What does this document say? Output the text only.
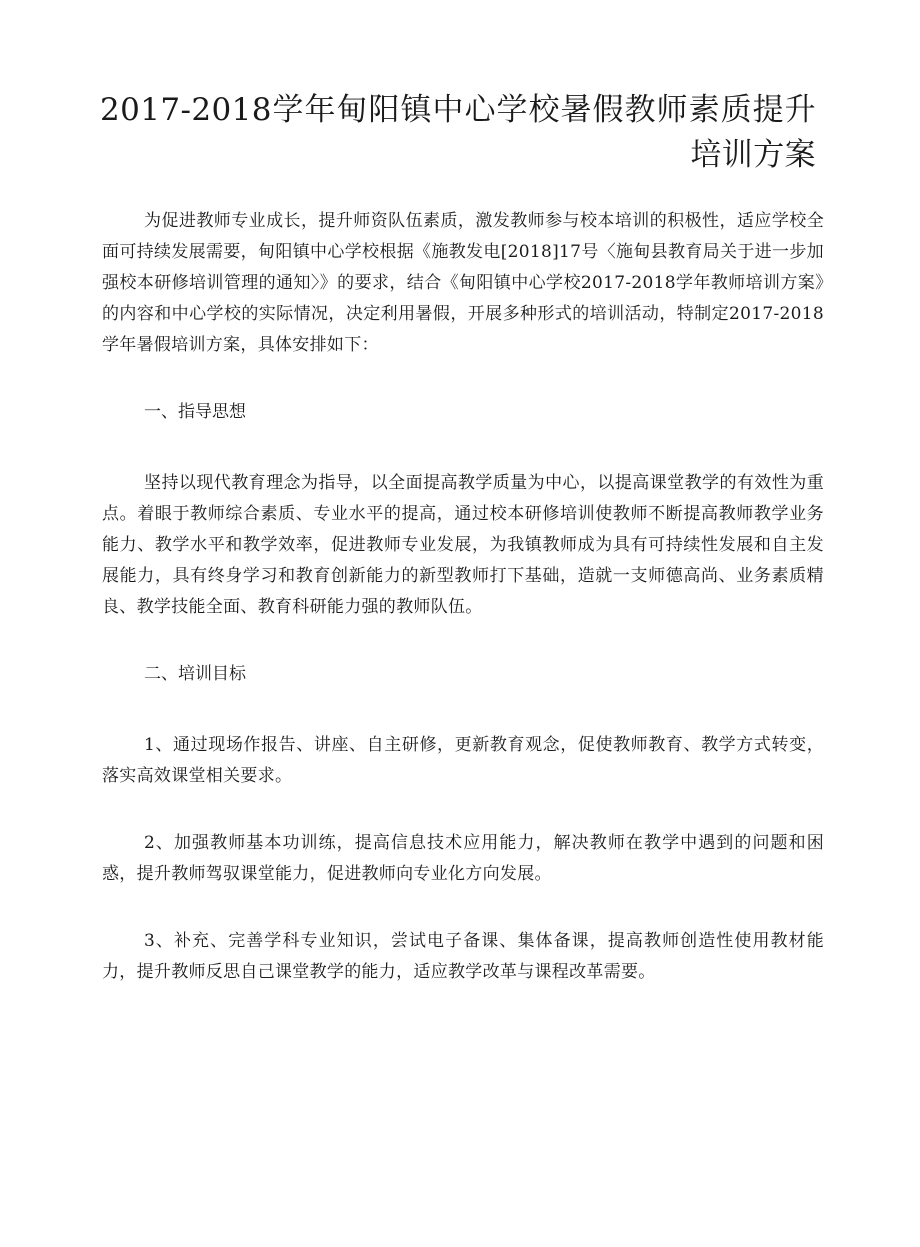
2017-2018学年甸阳镇中心学校暑假教师素质提升培训方案

为促进教师专业成长，提升师资队伍素质，激发教师参与校本培训的积极性，适应学校全面可持续发展需要，甸阳镇中心学校根据《施教发电[2018]17号〈施甸县教育局关于进一步加强校本研修培训管理的通知〉》的要求，结合《甸阳镇中心学校2017-2018学年教师培训方案》的内容和中心学校的实际情况，决定利用暑假，开展多种形式的培训活动，特制定2017-2018学年暑假培训方案，具体安排如下：

一、指导思想

坚持以现代教育理念为指导，以全面提高教学质量为中心，以提高课堂教学的有效性为重点。着眼于教师综合素质、专业水平的提高，通过校本研修培训使教师不断提高教师教学业务能力、教学水平和教学效率，促进教师专业发展，为我镇教师成为具有可持续性发展和自主发展能力，具有终身学习和教育创新能力的新型教师打下基础，造就一支师德高尚、业务素质精良、教学技能全面、教育科研能力强的教师队伍。

二、培训目标

1、通过现场作报告、讲座、自主研修，更新教育观念，促使教师教育、教学方式转变，落实高效课堂相关要求。

2、加强教师基本功训练，提高信息技术应用能力，解决教师在教学中遇到的问题和困惑，提升教师驾驭课堂能力，促进教师向专业化方向发展。

3、补充、完善学科专业知识，尝试电子备课、集体备课，提高教师创造性使用教材能力，提升教师反思自己课堂教学的能力，适应教学改革与课程改革需要。
